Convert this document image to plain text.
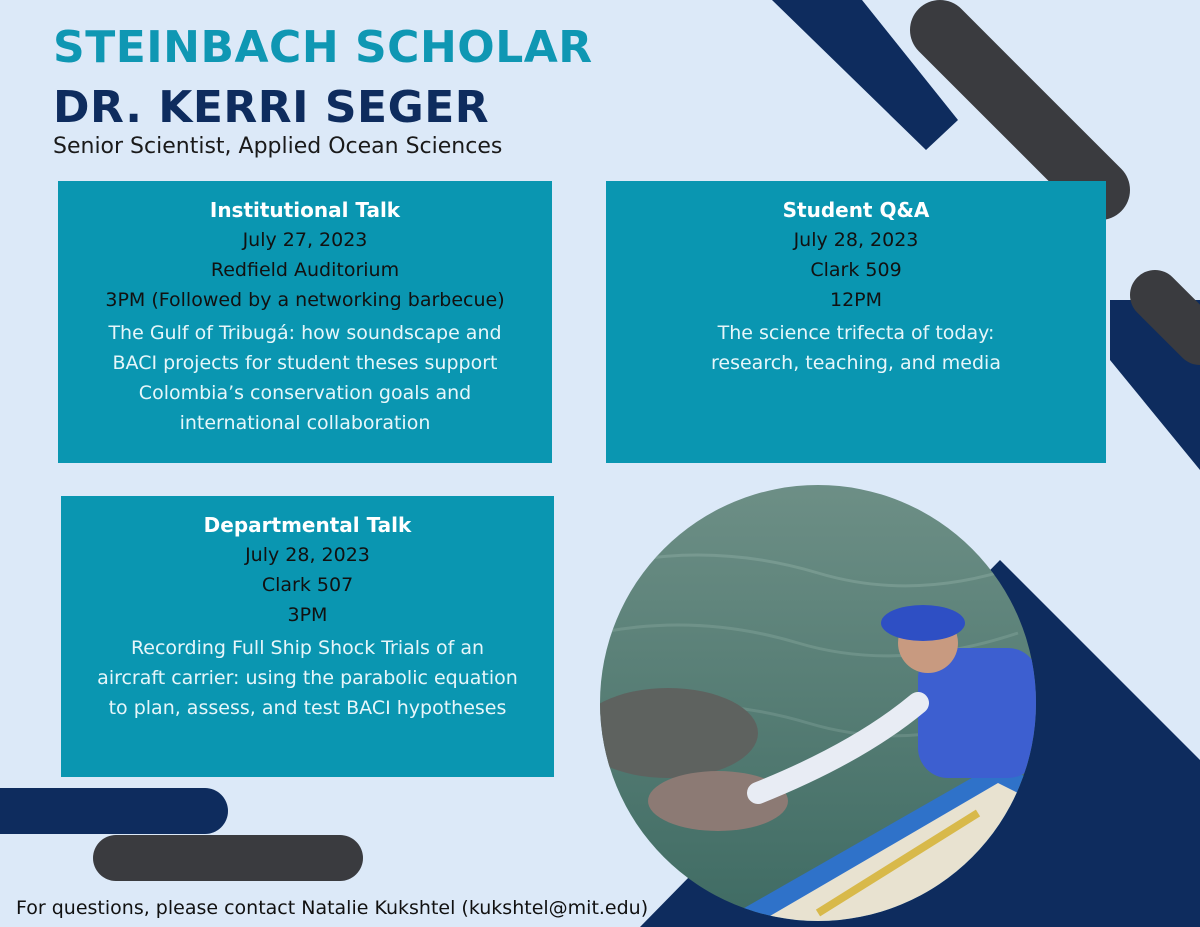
STEINBACH SCHOLAR
DR. KERRI SEGER

Senior Scientist, Applied Ocean Sciences

Institutional Talk
July 27, 2023
Redfield Auditorium
3PM (Followed by a networking barbecue)
The Gulf of Tribugá: how soundscape and
BACI projects for student theses support
Colombia’s conservation goals and
international collaboration
Student Q&A
July 28, 2023
Clark 509
12PM
The science trifecta of today:
research, teaching, and media
Departmental Talk
July 28, 2023
Clark 507
3PM
Recording Full Ship Shock Trials of an
aircraft carrier: using the parabolic equation
to plan, assess, and test BACI hypotheses

For questions, please contact Natalie Kukshtel (kukshtel@mit.edu)
